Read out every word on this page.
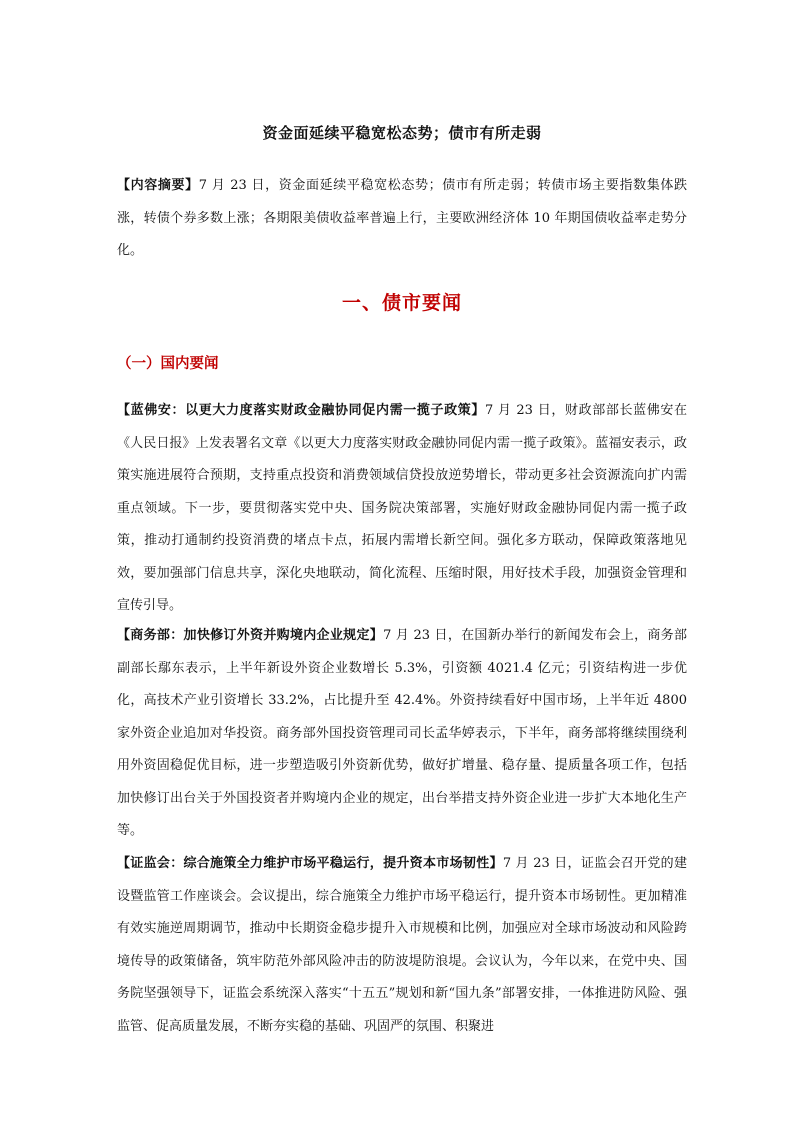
资金面延续平稳宽松态势；债市有所走弱

【内容摘要】7 月 23 日，资金面延续平稳宽松态势；债市有所走弱；转债市场主要指数集体跌涨，转债个券多数上涨；各期限美债收益率普遍上行，主要欧洲经济体 10 年期国债收益率走势分化。

一、债市要闻
（一）国内要闻

【蓝佛安：以更大力度落实财政金融协同促内需一揽子政策】7 月 23 日，财政部部长蓝佛安在《人民日报》上发表署名文章《以更大力度落实财政金融协同促内需一揽子政策》。蓝福安表示，政策实施进展符合预期，支持重点投资和消费领域信贷投放逆势增长，带动更多社会资源流向扩内需重点领域。下一步，要贯彻落实党中央、国务院决策部署，实施好财政金融协同促内需一揽子政策，推动打通制约投资消费的堵点卡点，拓展内需增长新空间。强化多方联动，保障政策落地见效，要加强部门信息共享，深化央地联动，简化流程、压缩时限，用好技术手段，加强资金管理和宣传引导。

【商务部：加快修订外资并购境内企业规定】7 月 23 日，在国新办举行的新闻发布会上，商务部副部长鄢东表示，上半年新设外资企业数增长 5.3%，引资额 4021.4 亿元；引资结构进一步优化，高技术产业引资增长 33.2%，占比提升至 42.4%。外资持续看好中国市场，上半年近 4800 家外资企业追加对华投资。商务部外国投资管理司司长孟华婷表示，下半年，商务部将继续围绕利用外资固稳促优目标，进一步塑造吸引外资新优势，做好扩增量、稳存量、提质量各项工作，包括加快修订出台关于外国投资者并购境内企业的规定，出台举措支持外资企业进一步扩大本地化生产等。

【证监会：综合施策全力维护市场平稳运行，提升资本市场韧性】7 月 23 日，证监会召开党的建设暨监管工作座谈会。会议提出，综合施策全力维护市场平稳运行，提升资本市场韧性。更加精准有效实施逆周期调节，推动中长期资金稳步提升入市规模和比例，加强应对全球市场波动和风险跨境传导的政策储备，筑牢防范外部风险冲击的防波堤防浪堤。会议认为，今年以来，在党中央、国务院坚强领导下，证监会系统深入落实“十五五”规划和新“国九条”部署安排，一体推进防风险、强监管、促高质量发展，不断夯实稳的基础、巩固严的氛围、积聚进
